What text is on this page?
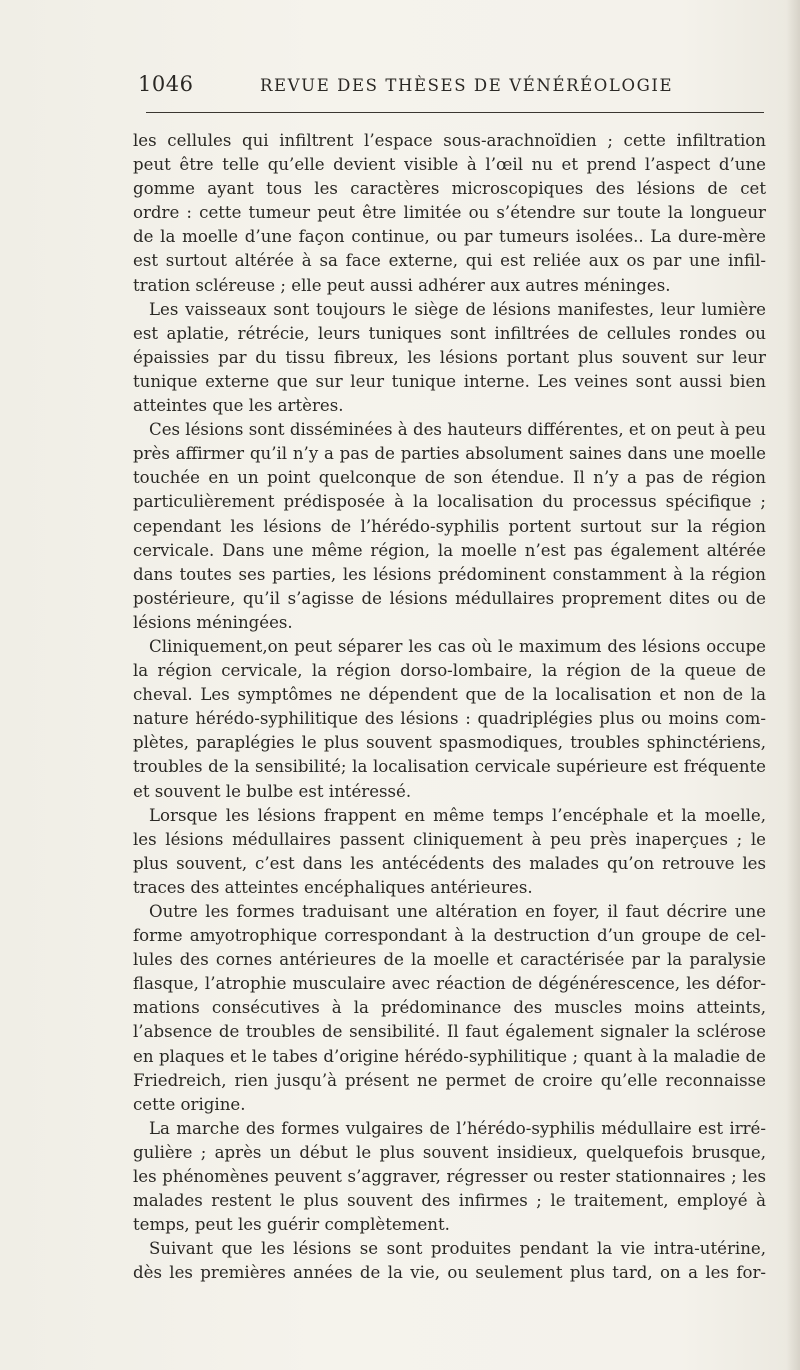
1046	REVUE DES THÈSES DE VÉNÉRÉOLOGIE
les cellules qui infiltrent l’espace sous-arachnoïdien ; cette infiltration
peut être telle qu’elle devient visible à l’œil nu et prend l’aspect d’une
gomme ayant tous les caractères microscopiques des lésions de cet
ordre : cette tumeur peut être limitée ou s’étendre sur toute la longueur
de la moelle d’une façon continue, ou par tumeurs isolées.. La dure-mère
est surtout altérée à sa face externe, qui est reliée aux os par une infil-
tration scléreuse ; elle peut aussi adhérer aux autres méninges.
Les vaisseaux sont toujours le siège de lésions manifestes, leur lumière
est aplatie, rétrécie, leurs tuniques sont infiltrées de cellules rondes ou
épaissies par du tissu fibreux, les lésions portant plus souvent sur leur
tunique externe que sur leur tunique interne. Les veines sont aussi bien
atteintes que les artères.
Ces lésions sont disséminées à des hauteurs différentes, et on peut à peu
près affirmer qu’il n’y a pas de parties absolument saines dans une moelle
touchée en un point quelconque de son étendue. Il n’y a pas de région
particulièrement prédisposée à la localisation du processus spécifique ;
cependant les lésions de l’hérédo-syphilis portent surtout sur la région
cervicale. Dans une même région, la moelle n’est pas également altérée
dans toutes ses parties, les lésions prédominent constamment à la région
postérieure, qu’il s’agisse de lésions médullaires proprement dites ou de
lésions méningées.
Cliniquement,on peut séparer les cas où le maximum des lésions occupe
la région cervicale, la région dorso-lombaire, la région de la queue de
cheval. Les symptômes ne dépendent que de la localisation et non de la
nature hérédo-syphilitique des lésions : quadriplégies plus ou moins com-
plètes, paraplégies le plus souvent spasmodiques, troubles sphinctériens,
troubles de la sensibilité; la localisation cervicale supérieure est fréquente
et souvent le bulbe est intéressé.
Lorsque les lésions frappent en même temps l’encéphale et la moelle,
les lésions médullaires passent cliniquement à peu près inaperçues ; le
plus souvent, c’est dans les antécédents des malades qu’on retrouve les
traces des atteintes encéphaliques antérieures.
Outre les formes traduisant une altération en foyer, il faut décrire une
forme amyotrophique correspondant à la destruction d’un groupe de cel-
lules des cornes antérieures de la moelle et caractérisée par la paralysie
flasque, l’atrophie musculaire avec réaction de dégénérescence, les défor-
mations consécutives à la prédominance des muscles moins atteints,
l’absence de troubles de sensibilité. Il faut également signaler la sclérose
en plaques et le tabes d’origine hérédo-syphilitique ; quant à la maladie de
Friedreich, rien jusqu’à présent ne permet de croire qu’elle reconnaisse
cette origine.
La marche des formes vulgaires de l’hérédo-syphilis médullaire est irré-
gulière ; après un début le plus souvent insidieux, quelquefois brusque,
les phénomènes peuvent s’aggraver, régresser ou rester stationnaires ; les
malades restent le plus souvent des infirmes ; le traitement, employé à
temps, peut les guérir complètement.
Suivant que les lésions se sont produites pendant la vie intra-utérine,
dès les premières années de la vie, ou seulement plus tard, on a les for-
